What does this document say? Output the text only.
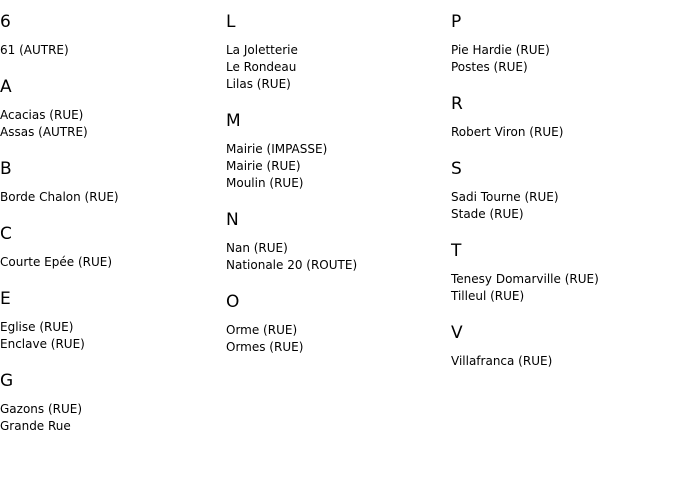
6
61 (AUTRE)
A
Acacias (RUE)
Assas (AUTRE)
B
Borde Chalon (RUE)
C
Courte Epée (RUE)
E
Eglise (RUE)
Enclave (RUE)
G
Gazons (RUE)
Grande Rue
L
La Joletterie
Le Rondeau
Lilas (RUE)
M
Mairie (IMPASSE)
Mairie (RUE)
Moulin (RUE)
N
Nan (RUE)
Nationale 20 (ROUTE)
O
Orme (RUE)
Ormes (RUE)
P
Pie Hardie (RUE)
Postes (RUE)
R
Robert Viron (RUE)
S
Sadi Tourne (RUE)
Stade (RUE)
T
Tenesy Domarville (RUE)
Tilleul (RUE)
V
Villafranca (RUE)
